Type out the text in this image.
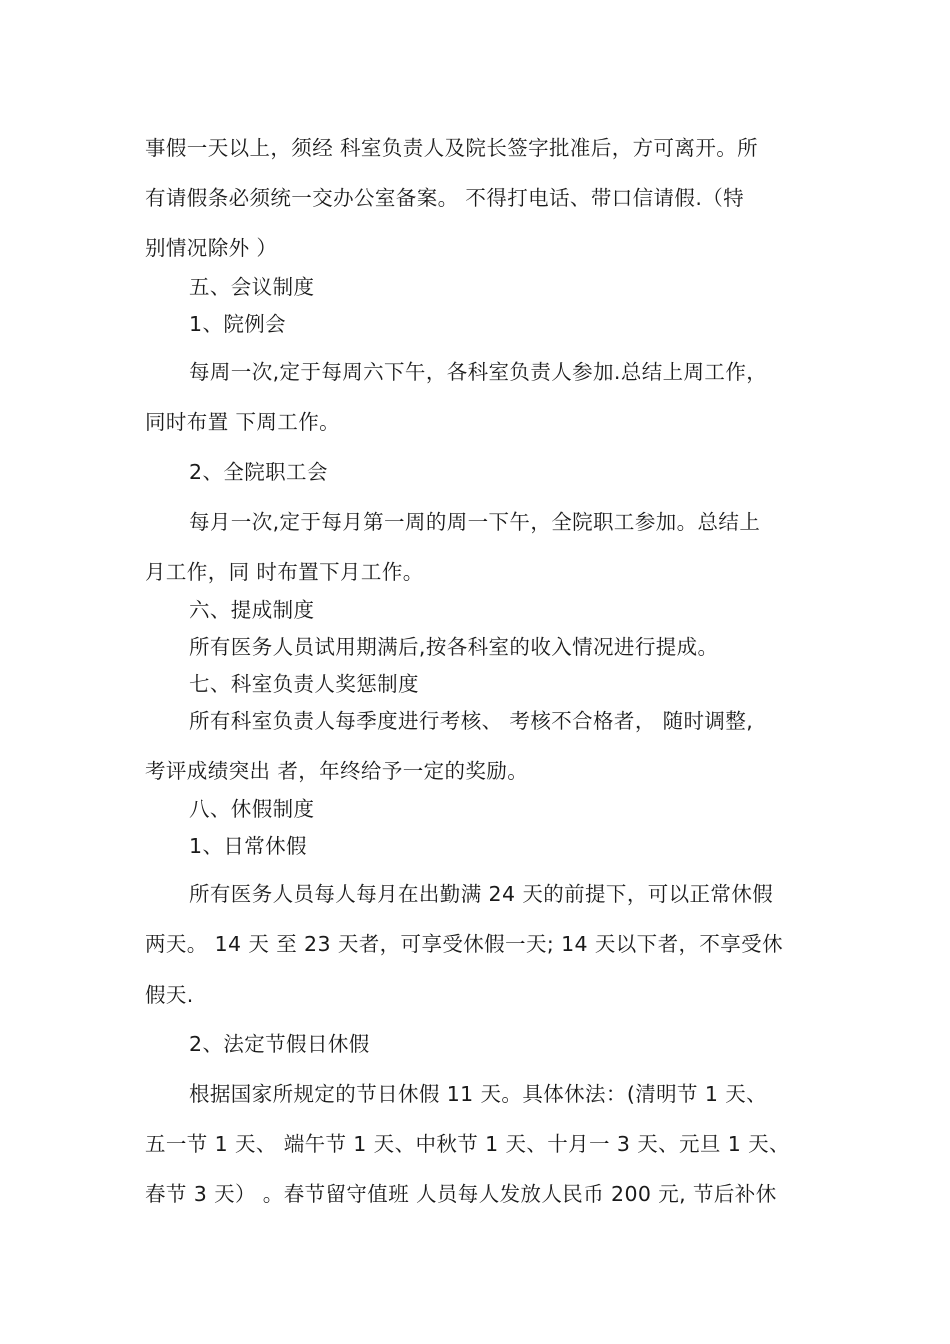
事假一天以上，须经 科室负责人及院长签字批准后，方可离开。所
有请假条必须统一交办公室备案。 不得打电话、带口信请假.（特
别情况除外 ）
五、会议制度
1、院例会
每周一次,定于每周六下午，各科室负责人参加.总结上周工作，
同时布置 下周工作。
2、全院职工会
每月一次,定于每月第一周的周一下午，全院职工参加。总结上
月工作，同 时布置下月工作。
六、提成制度
所有医务人员试用期满后,按各科室的收入情况进行提成。
七、科室负责人奖惩制度
所有科室负责人每季度进行考核、 考核不合格者， 随时调整,
考评成绩突出 者，年终给予一定的奖励。
八、休假制度
1、日常休假
所有医务人员每人每月在出勤满 24 天的前提下，可以正常休假
两天。 14 天 至 23 天者，可享受休假一天; 14 天以下者，不享受休
假天.
2、法定节假日休假
根据国家所规定的节日休假 11 天。具体休法：(清明节 1 天、
五一节 1 天、 端午节 1 天、中秋节 1 天、十月一 3 天、元旦 1 天、
春节 3 天） 。春节留守值班 人员每人发放人民币 200 元, 节后补休
